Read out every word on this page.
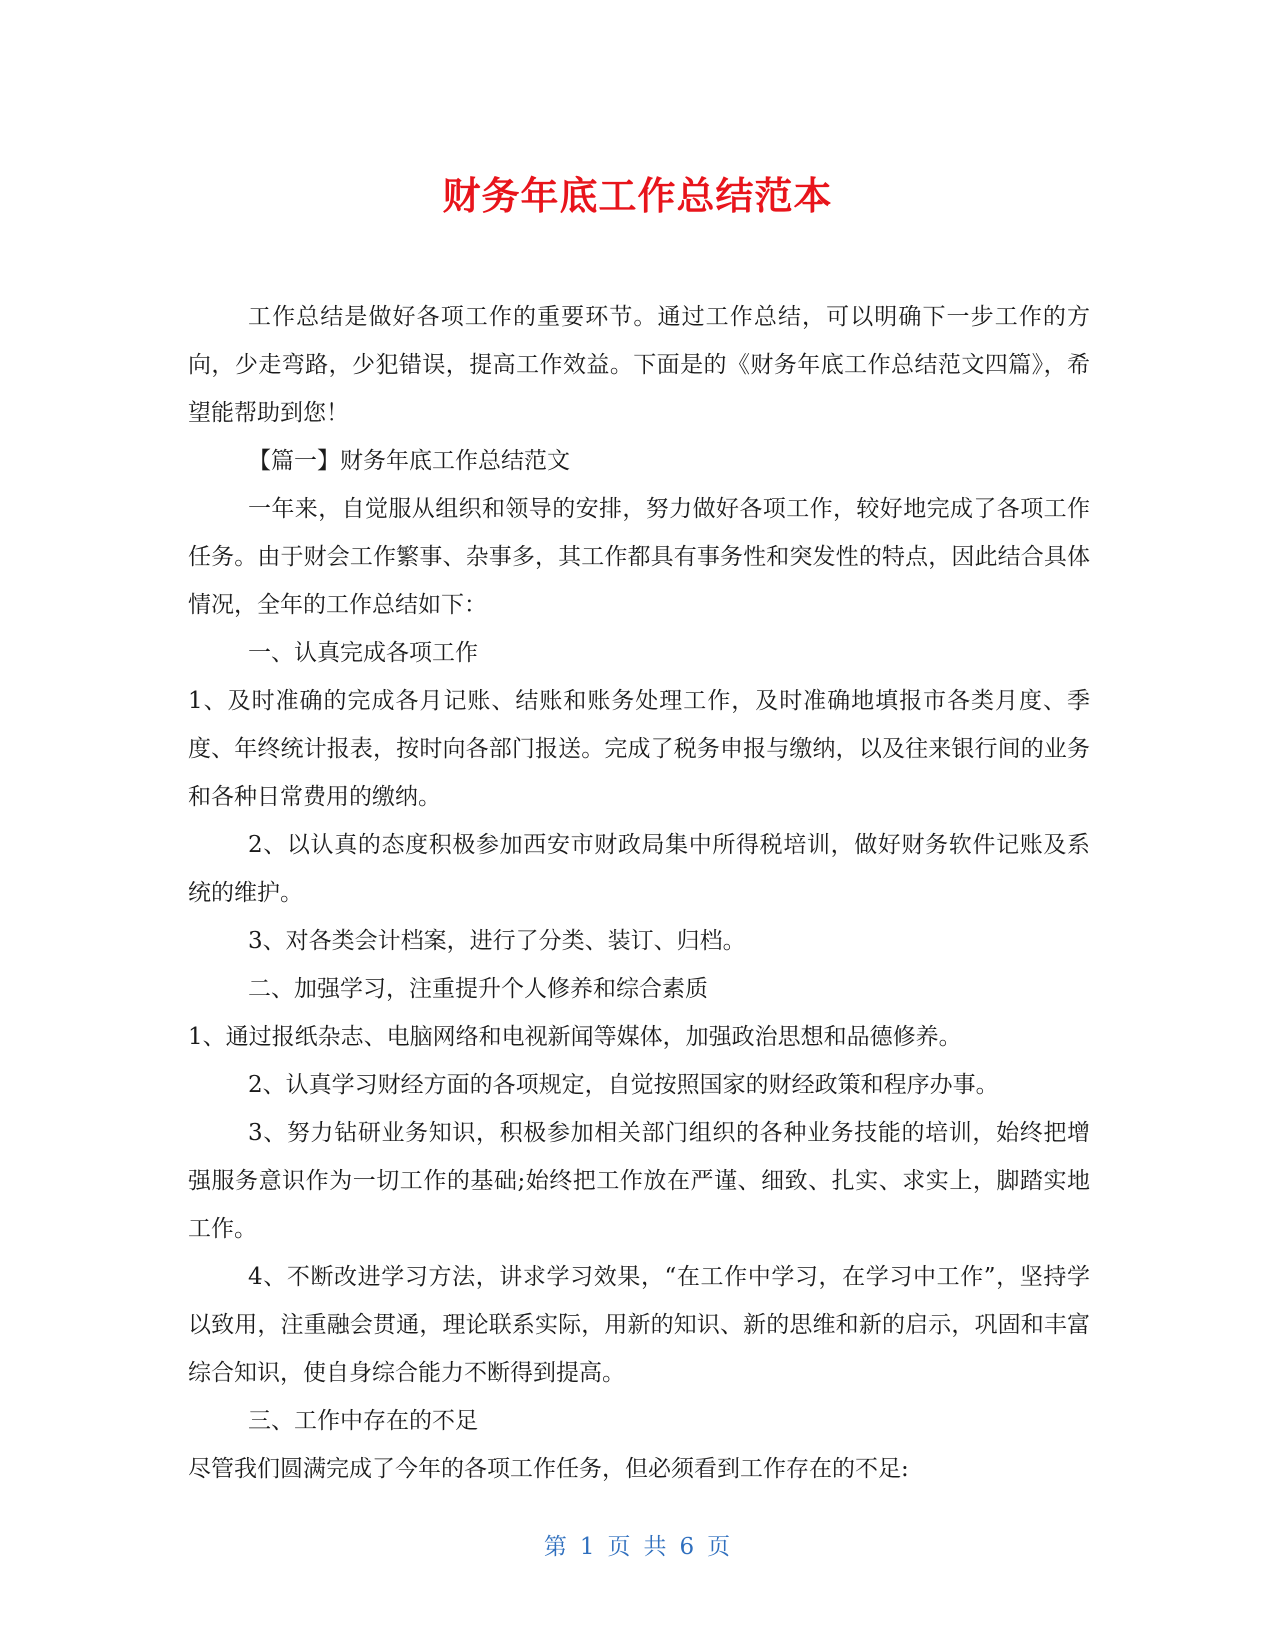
财务年底工作总结范本

工作总结是做好各项工作的重要环节。通过工作总结，可以明确下一步工作的方向，少走弯路，少犯错误，提高工作效益。下面是的《财务年底工作总结范文四篇》，希望能帮助到您！

【篇一】财务年底工作总结范文

一年来，自觉服从组织和领导的安排，努力做好各项工作，较好地完成了各项工作任务。由于财会工作繁事、杂事多，其工作都具有事务性和突发性的特点，因此结合具体情况，全年的工作总结如下：

一、认真完成各项工作

1、及时准确的完成各月记账、结账和账务处理工作，及时准确地填报市各类月度、季度、年终统计报表，按时向各部门报送。完成了税务申报与缴纳，以及往来银行间的业务和各种日常费用的缴纳。

2、以认真的态度积极参加西安市财政局集中所得税培训，做好财务软件记账及系统的维护。

3、对各类会计档案，进行了分类、装订、归档。

二、加强学习，注重提升个人修养和综合素质

1、通过报纸杂志、电脑网络和电视新闻等媒体，加强政治思想和品德修养。

2、认真学习财经方面的各项规定，自觉按照国家的财经政策和程序办事。

3、努力钻研业务知识，积极参加相关部门组织的各种业务技能的培训，始终把增强服务意识作为一切工作的基础;始终把工作放在严谨、细致、扎实、求实上，脚踏实地工作。

4、不断改进学习方法，讲求学习效果，“在工作中学习，在学习中工作”，坚持学以致用，注重融会贯通，理论联系实际，用新的知识、新的思维和新的启示，巩固和丰富综合知识，使自身综合能力不断得到提高。

三、工作中存在的不足

尽管我们圆满完成了今年的各项工作任务，但必须看到工作存在的不足:

第 1 页 共 6 页
